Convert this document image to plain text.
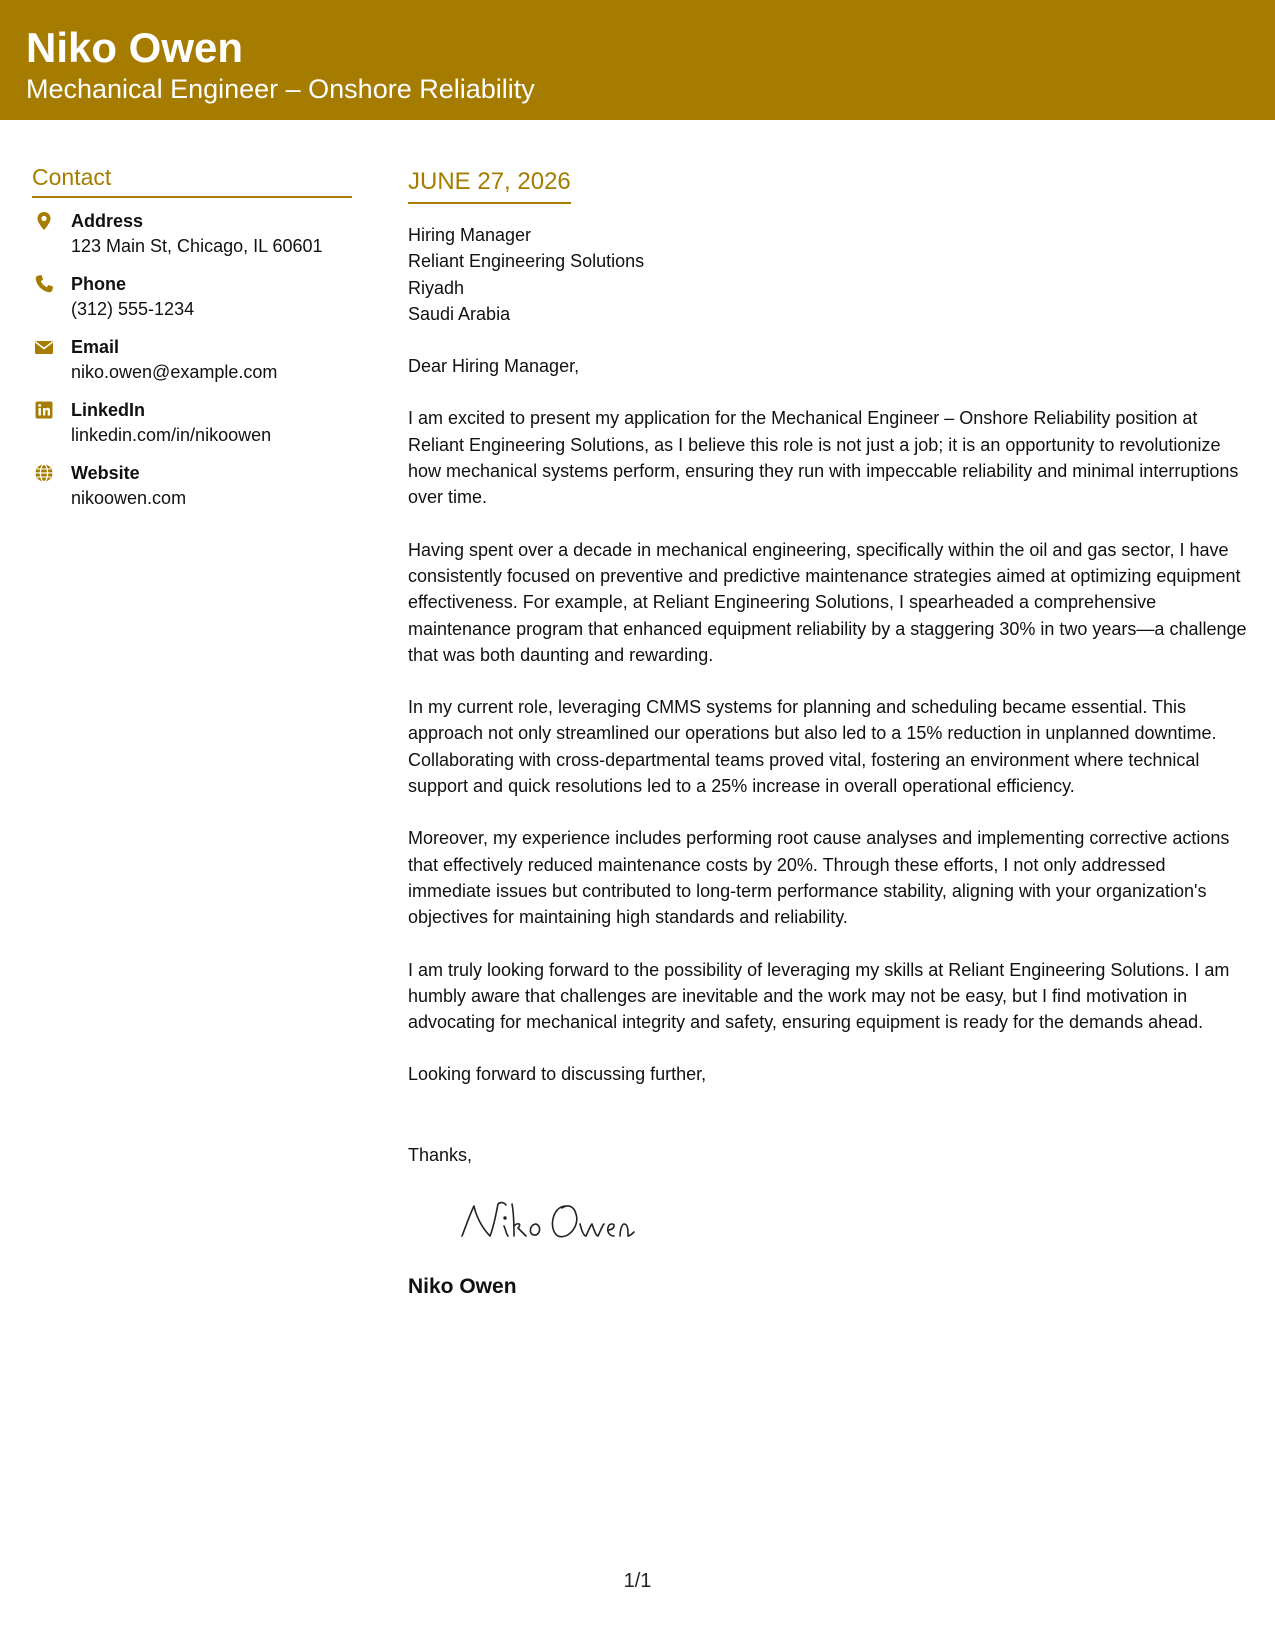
Niko Owen
Mechanical Engineer – Onshore Reliability
Contact
Address
123 Main St, Chicago, IL 60601
Phone
(312) 555-1234
Email
niko.owen@example.com
LinkedIn
linkedin.com/in/nikoowen
Website
nikoowen.com
JUNE 27, 2026
Hiring Manager
Reliant Engineering Solutions
Riyadh
Saudi Arabia
Dear Hiring Manager,
I am excited to present my application for the Mechanical Engineer – Onshore Reliability position at Reliant Engineering Solutions, as I believe this role is not just a job; it is an opportunity to revolutionize how mechanical systems perform, ensuring they run with impeccable reliability and minimal interruptions over time.
Having spent over a decade in mechanical engineering, specifically within the oil and gas sector, I have consistently focused on preventive and predictive maintenance strategies aimed at optimizing equipment effectiveness. For example, at Reliant Engineering Solutions, I spearheaded a comprehensive maintenance program that enhanced equipment reliability by a staggering 30% in two years—a challenge that was both daunting and rewarding.
In my current role, leveraging CMMS systems for planning and scheduling became essential. This approach not only streamlined our operations but also led to a 15% reduction in unplanned downtime. Collaborating with cross-departmental teams proved vital, fostering an environment where technical support and quick resolutions led to a 25% increase in overall operational efficiency.
Moreover, my experience includes performing root cause analyses and implementing corrective actions that effectively reduced maintenance costs by 20%. Through these efforts, I not only addressed immediate issues but contributed to long-term performance stability, aligning with your organization's objectives for maintaining high standards and reliability.
I am truly looking forward to the possibility of leveraging my skills at Reliant Engineering Solutions. I am humbly aware that challenges are inevitable and the work may not be easy, but I find motivation in advocating for mechanical integrity and safety, ensuring equipment is ready for the demands ahead.
Looking forward to discussing further,
Thanks,
Niko Owen
1/1
